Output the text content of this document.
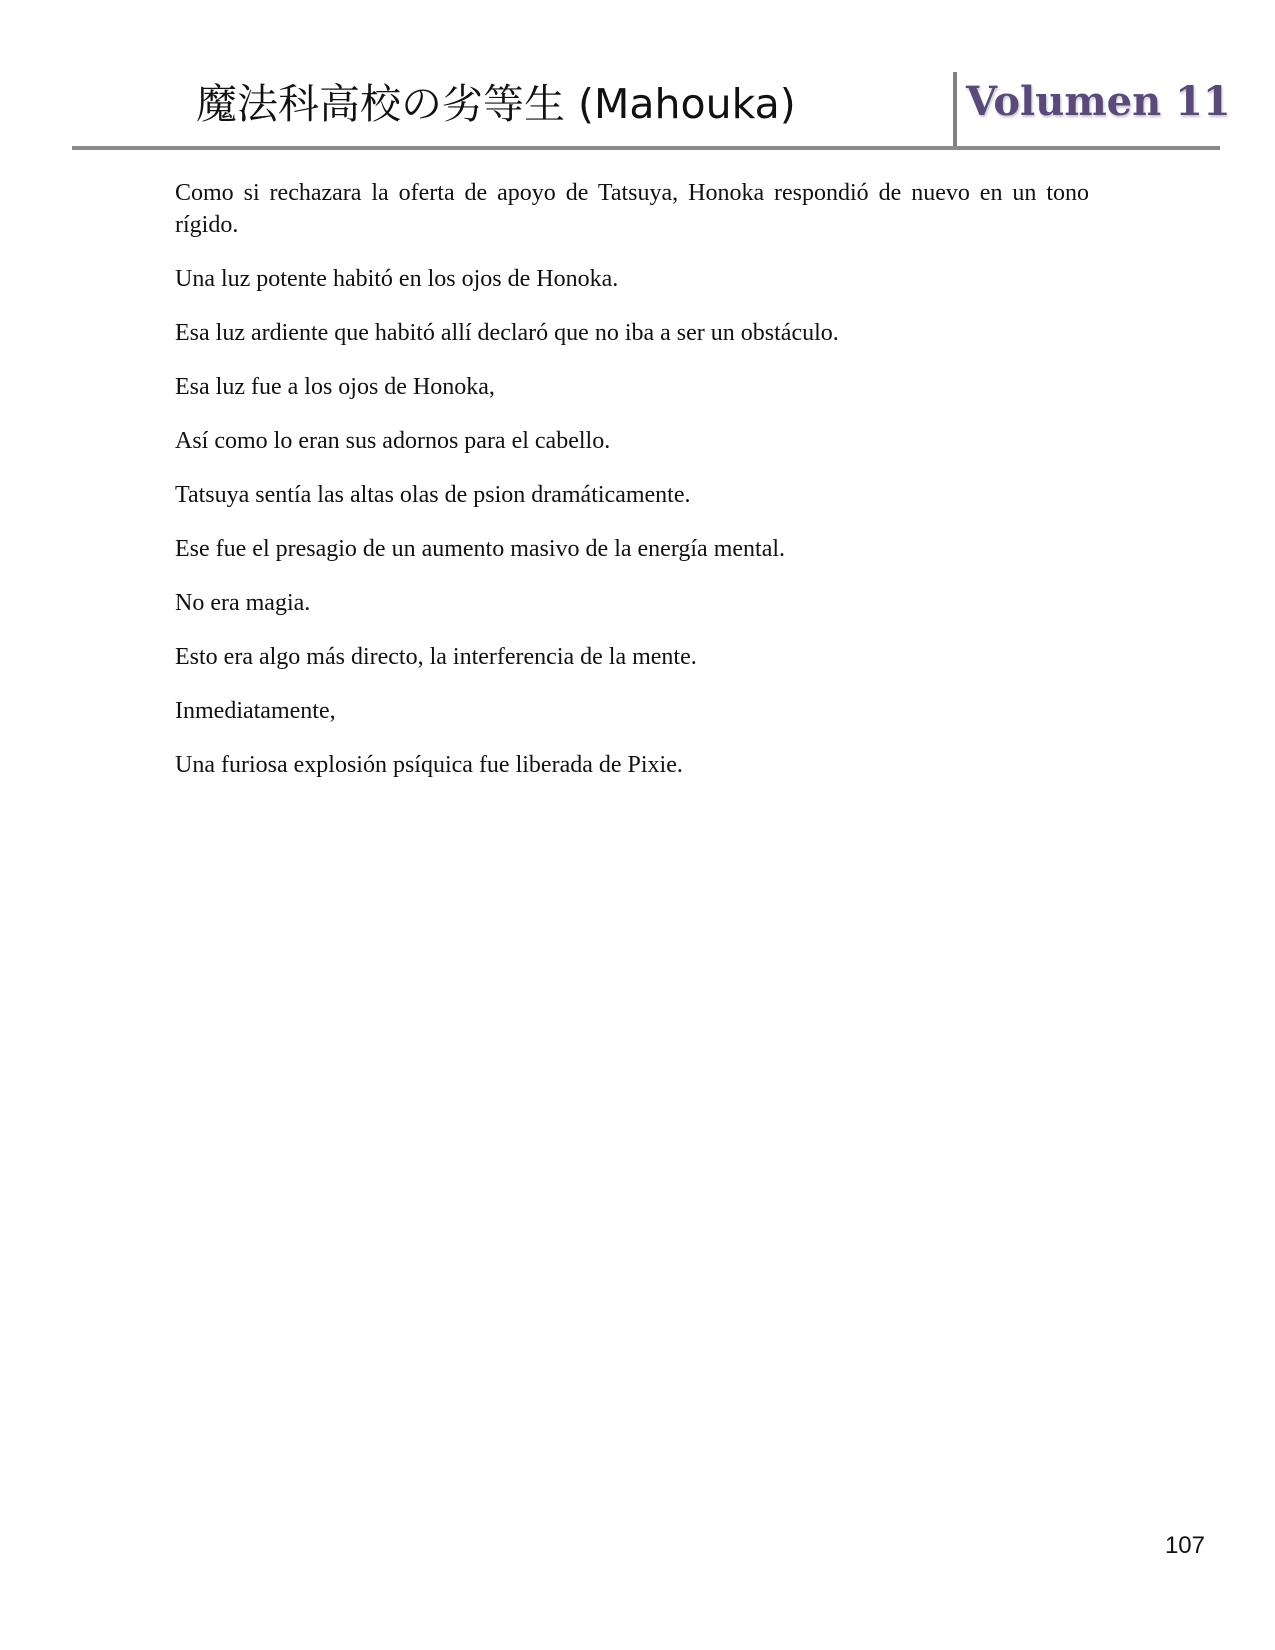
魔法科高校の劣等生 (Mahouka)	Volumen 11

Como si rechazara la oferta de apoyo de Tatsuya, Honoka respondió de nuevo en un tono rígido.

Una luz potente habitó en los ojos de Honoka.

Esa luz ardiente que habitó allí declaró que no iba a ser un obstáculo.

Esa luz fue a los ojos de Honoka,

Así como lo eran sus adornos para el cabello.

Tatsuya sentía las altas olas de psion dramáticamente.

Ese fue el presagio de un aumento masivo de la energía mental.

No era magia.

Esto era algo más directo, la interferencia de la mente.

Inmediatamente,

Una furiosa explosión psíquica fue liberada de Pixie.

107
